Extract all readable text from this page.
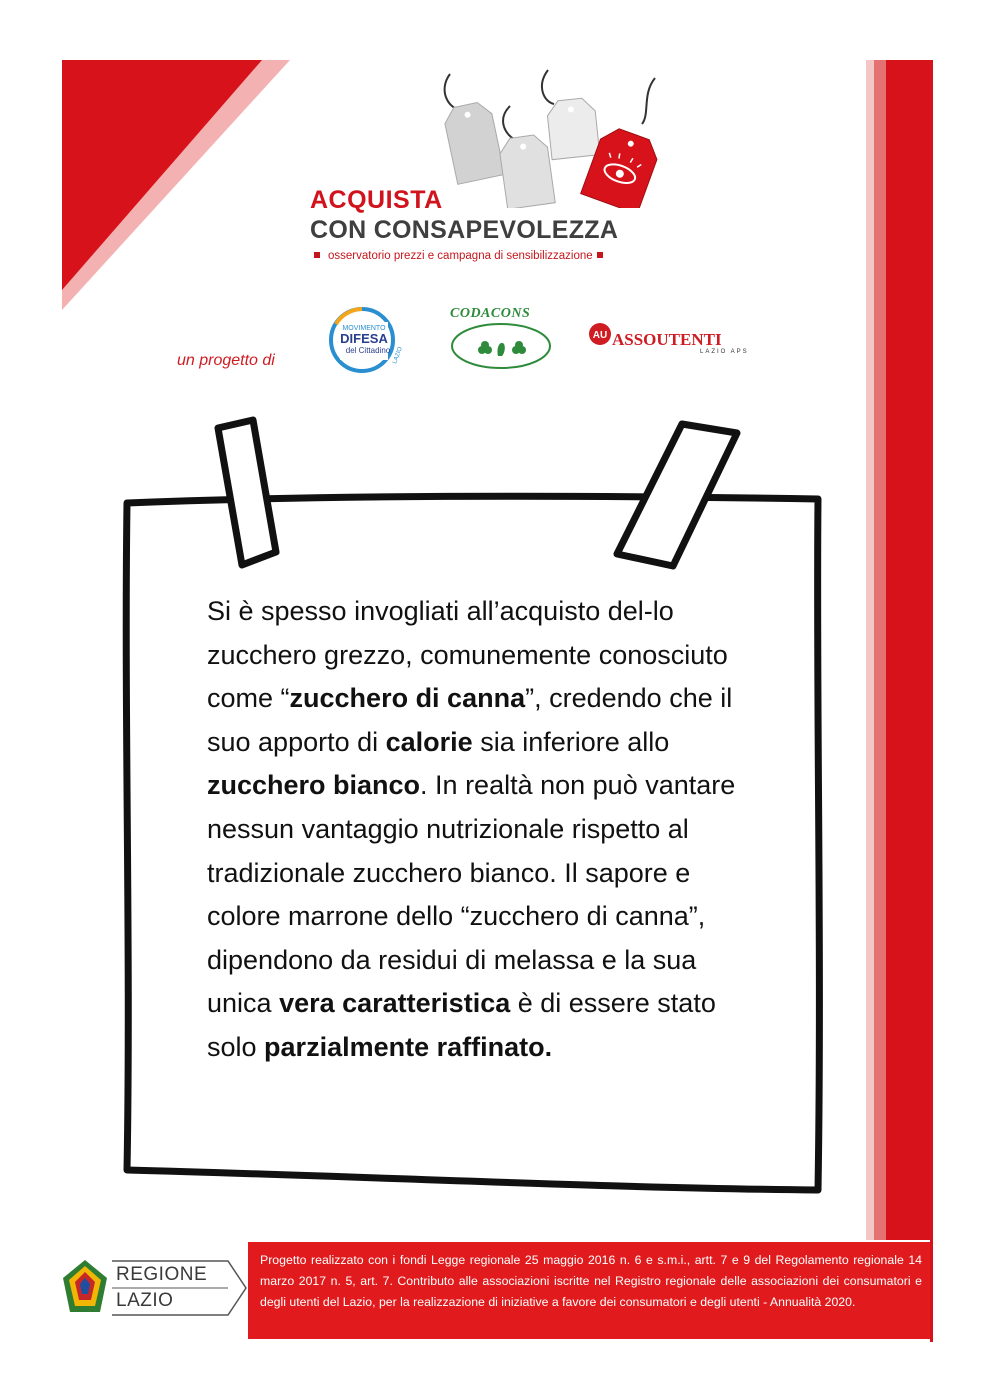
ACQUISTA
CON CONSAPEVOLEZZA
osservatorio prezzi e campagna di sensibilizzazione
un progetto di
MOVIMENTO
DIFESA
del Cittadino LAZIO
CODACONS
AU ASSOUTENTI
LAZIO APS
Si è spesso invogliati all’acquisto del-lo zucchero grezzo, comunemente conosciuto come “zucchero di canna”, credendo che il suo apporto di calorie sia inferiore allo zucchero bianco. In realtà non può vantare nessun vantaggio nutrizionale rispetto al tradizionale zucchero bianco. Il sapore e colore marrone dello “zucchero di canna”, dipendono da residui di melassa e la sua unica vera caratteristica è di essere stato solo parzialmente raffinato.
REGIONE
LAZIO
Progetto realizzato con i fondi Legge regionale 25 maggio 2016 n. 6 e s.m.i., artt. 7 e 9 del Regolamento regionale 14 marzo 2017 n. 5, art. 7. Contributo alle associazioni iscritte nel Registro regionale delle associazioni dei consumatori e degli utenti del Lazio, per la realizzazione di iniziative a favore dei consumatori e degli utenti - Annualità 2020.
